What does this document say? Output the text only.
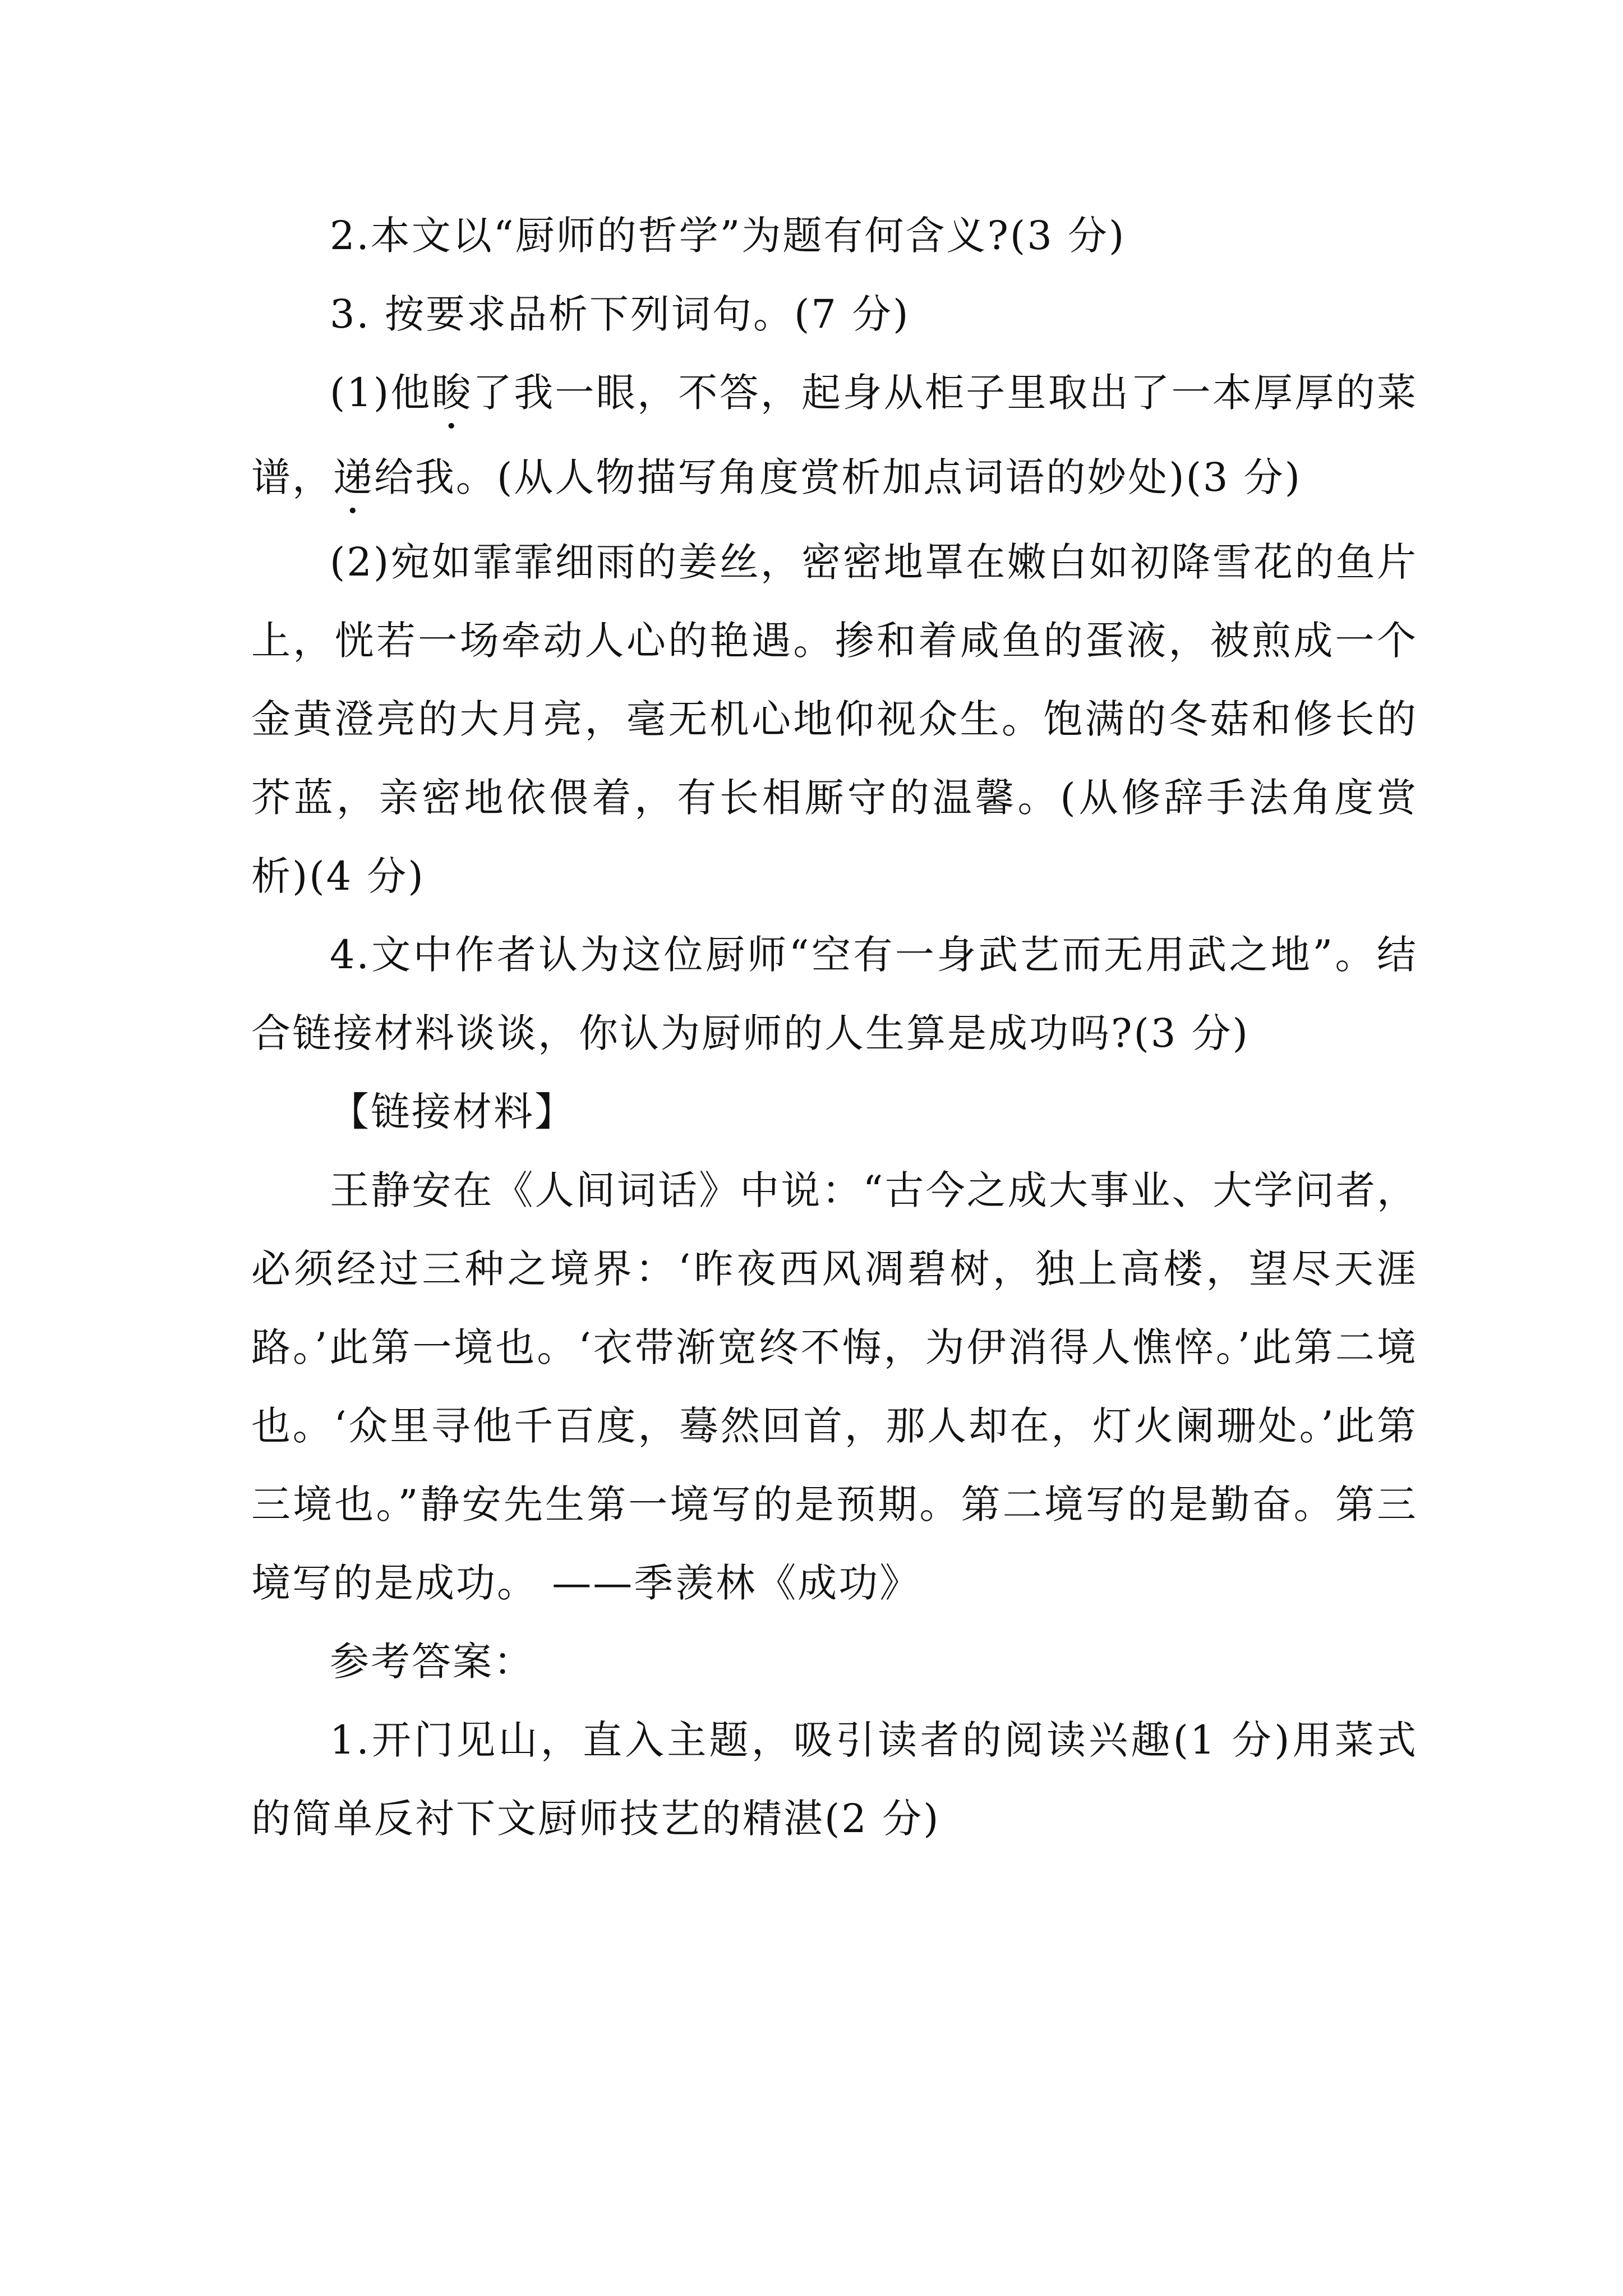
2.本文以“厨师的哲学”为题有何含义?(3 分)

3. 按要求品析下列词句。(7 分)

(1)他睃了我一眼，不答，起身从柜子里取出了一本厚厚的菜谱，递给我。(从人物描写角度赏析加点词语的妙处)(3 分)

(2)宛如霏霏细雨的姜丝，密密地罩在嫩白如初降雪花的鱼片上，恍若一场牵动人心的艳遇。掺和着咸鱼的蛋液，被煎成一个金黄澄亮的大月亮，毫无机心地仰视众生。饱满的冬菇和修长的芥蓝，亲密地依偎着，有长相厮守的温馨。(从修辞手法角度赏析)(4 分)

4.文中作者认为这位厨师“空有一身武艺而无用武之地”。结合链接材料谈谈，你认为厨师的人生算是成功吗?(3 分)

【链接材料】

王静安在《人间词话》中说：“古今之成大事业、大学问者，必须经过三种之境界：‘昨夜西风凋碧树，独上高楼，望尽天涯路。’此第一境也。‘衣带渐宽终不悔，为伊消得人憔悴。’此第二境也。‘众里寻他千百度，蓦然回首，那人却在，灯火阑珊处。’此第三境也。”静安先生第一境写的是预期。第二境写的是勤奋。第三境写的是成功。 ——季羡林《成功》

参考答案：

1.开门见山，直入主题，吸引读者的阅读兴趣(1 分)用菜式的简单反衬下文厨师技艺的精湛(2 分)
